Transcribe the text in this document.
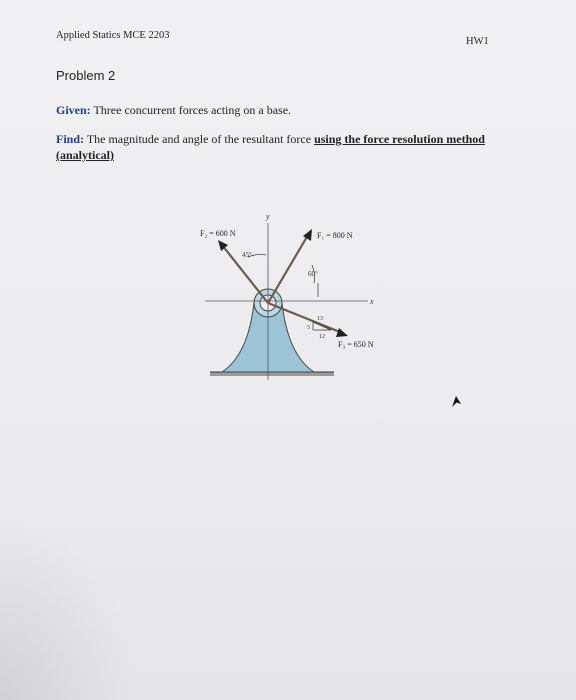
Applied Statics MCE 2203
HW1
Problem 2
Given: Three concurrent forces acting on a base.
Find: The magnitude and angle of the resultant force using the force resolution method (analytical)
x
y
45°
60°
13
5
12
F₂ = 600 N	F₁ = 800 N
F₃ = 650 N
